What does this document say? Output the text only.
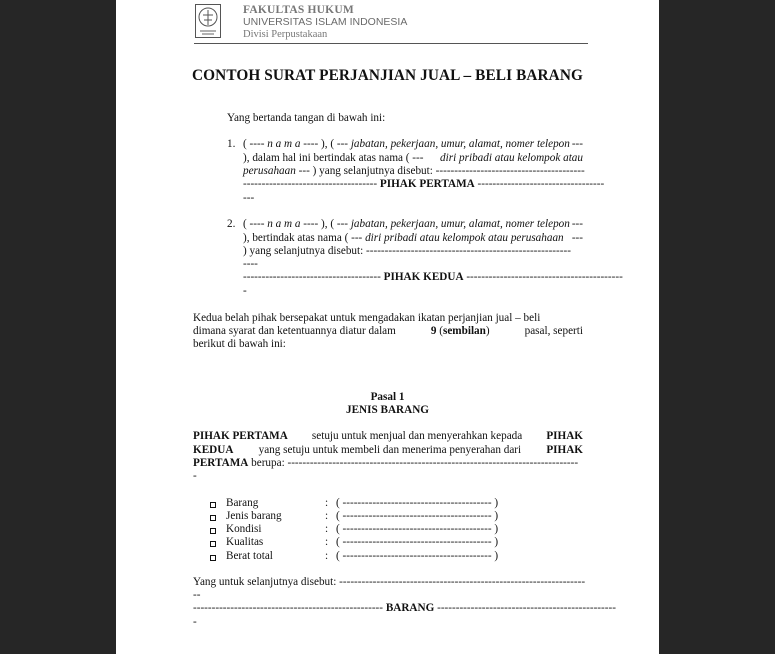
FAKULTAS HUKUM
UNIVERSITAS ISLAM INDONESIA
Divisi Perpustakaan
CONTOH SURAT PERJANJIAN JUAL – BELI BARANG
Yang bertanda tangan di bawah ini:
1. ( ---- n a m a ---- ), ( --- jabatan, pekerjaan, umur, alamat, nomer telepon ---
), dalam hal ini bertindak atas nama ( --- diri pribadi atau kelompok atau
perusahaan --- ) yang selanjutnya disebut: ----------------------------------------
------------------------------------ PIHAK PERTAMA ----------------------------------
---
2. ( ---- n a m a ---- ), ( --- jabatan, pekerjaan, umur, alamat, nomer telepon ---
), bertindak atas nama ( --- diri pribadi atau kelompok atau perusahaan ---
) yang selanjutnya disebut: -------------------------------------------------------
----
------------------------------------- PIHAK KEDUA ------------------------------------------
-
Kedua belah pihak bersepakat untuk mengadakan ikatan perjanjian jual – beli
dimana syarat dan ketentuannya diatur dalam	9 (sembilan)	pasal, seperti
berikut di bawah ini:
Pasal 1
JENIS BARANG
PIHAK PERTAMA setuju untuk menjual dan menyerahkan kepada PIHAK
KEDUA yang setuju untuk membeli dan menerima penyerahan dari PIHAK
PERTAMA berupa: ------------------------------------------------------------------------------
-
Barang	: ( ---------------------------------------- )
Jenis barang	: ( ---------------------------------------- )
Kondisi	: ( ---------------------------------------- )
Kualitas	: ( ---------------------------------------- )
Berat total	: ( ---------------------------------------- )
Yang untuk selanjutnya disebut: ------------------------------------------------------------------
--
--------------------------------------------------- BARANG ------------------------------------------------
-
